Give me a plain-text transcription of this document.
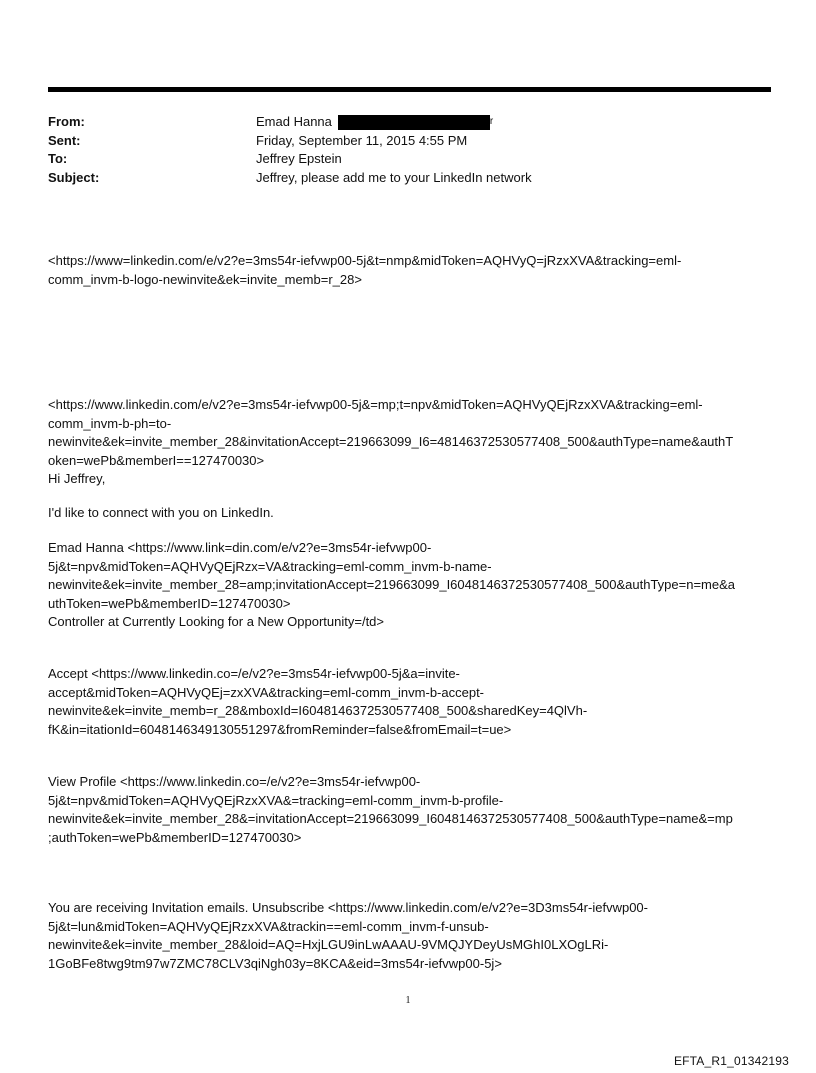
From:	Emad Hanna	r
Sent:	Friday, September 11, 2015 4:55 PM
To:	Jeffrey Epstein
Subject:	Jeffrey, please add me to your LinkedIn network
<https://www=linkedin.com/e/v2?e=3ms54r-iefvwp00-5j&t=nmp&midToken=AQHVyQ=jRzxXVA&tracking=eml-
comm_invm-b-logo-newinvite&ek=invite_memb=r_28>
<https://www.linkedin.com/e/v2?e=3ms54r-iefvwp00-5j&=mp;t=npv&midToken=AQHVyQEjRzxXVA&tracking=eml-
comm_invm-b-ph=to-
newinvite&ek=invite_member_28&invitationAccept=219663099_I6=48146372530577408_500&authType=name&authT
oken=wePb&memberI==127470030>
Hi Jeffrey,
I'd like to connect with you on LinkedIn.
Emad Hanna <https://www.link=din.com/e/v2?e=3ms54r-iefvwp00-
5j&t=npv&midToken=AQHVyQEjRzx=VA&tracking=eml-comm_invm-b-name-
newinvite&ek=invite_member_28=amp;invitationAccept=219663099_I6048146372530577408_500&authType=n=me&a
uthToken=wePb&memberID=127470030>
Controller at Currently Looking for a New Opportunity=/td>
Accept <https://www.linkedin.co=/e/v2?e=3ms54r-iefvwp00-5j&a=invite-
accept&midToken=AQHVyQEj=zxXVA&tracking=eml-comm_invm-b-accept-
newinvite&ek=invite_memb=r_28&mboxId=I6048146372530577408_500&sharedKey=4QlVh-
fK&in=itationId=6048146349130551297&fromReminder=false&fromEmail=t=ue>
View Profile <https://www.linkedin.co=/e/v2?e=3ms54r-iefvwp00-
5j&t=npv&midToken=AQHVyQEjRzxXVA&=tracking=eml-comm_invm-b-profile-
newinvite&ek=invite_member_28&=invitationAccept=219663099_I6048146372530577408_500&authType=name&=mp
;authToken=wePb&memberID=127470030>
You are receiving Invitation emails. Unsubscribe <https://www.linkedin.com/e/v2?e=3D3ms54r-iefvwp00-
5j&t=lun&midToken=AQHVyQEjRzxXVA&trackin==eml-comm_invm-f-unsub-
newinvite&ek=invite_member_28&loid=AQ=HxjLGU9inLwAAAU-9VMQJYDeyUsMGhI0LXOgLRi-
1GoBFe8twg9tm97w7ZMC78CLV3qiNgh03y=8KCA&eid=3ms54r-iefvwp00-5j>
1
EFTA_R1_01342193
